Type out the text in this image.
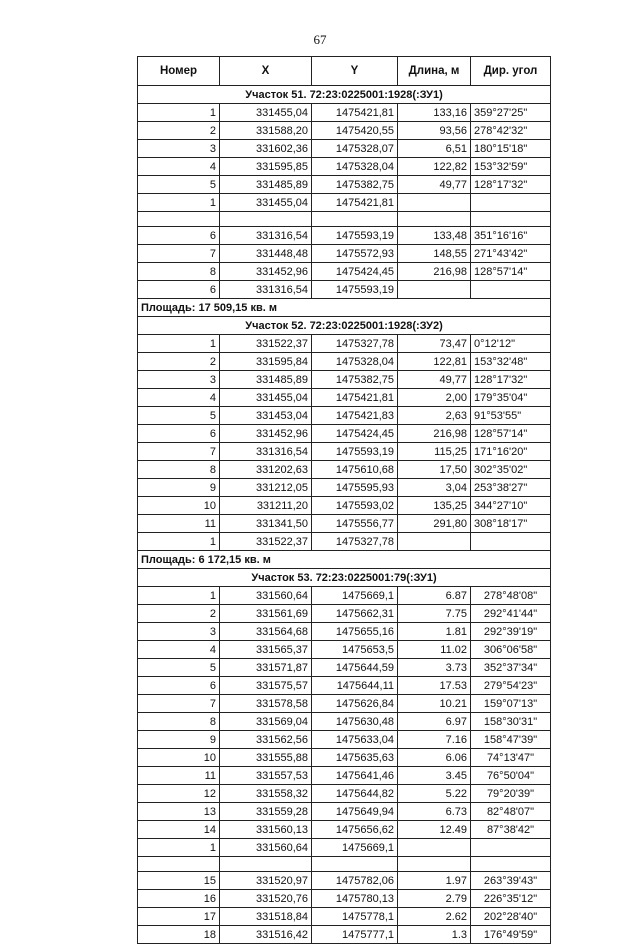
67
Номер	X	Y	Длина, м	Дир. угол
Участок 51. 72:23:0225001:1928(:ЗУ1)				
1	331455,04	1475421,81	133,16	359°27'25"
2	331588,20	1475420,55	93,56	278°42'32"
3	331602,36	1475328,07	6,51	180°15'18"
4	331595,85	1475328,04	122,82	153°32'59"
5	331485,89	1475382,75	49,77	128°17'32"
1	331455,04	1475421,81		

6	331316,54	1475593,19	133,48	351°16'16"
7	331448,48	1475572,93	148,55	271°43'42"
8	331452,96	1475424,45	216,98	128°57'14"
6	331316,54	1475593,19		
Площадь: 17 509,15 кв. м				
Участок 52. 72:23:0225001:1928(:ЗУ2)				
1	331522,37	1475327,78	73,47	0°12'12"
2	331595,84	1475328,04	122,81	153°32'48"
3	331485,89	1475382,75	49,77	128°17'32"
4	331455,04	1475421,81	2,00	179°35'04"
5	331453,04	1475421,83	2,63	91°53'55"
6	331452,96	1475424,45	216,98	128°57'14"
7	331316,54	1475593,19	115,25	171°16'20"
8	331202,63	1475610,68	17,50	302°35'02"
9	331212,05	1475595,93	3,04	253°38'27"
10	331211,20	1475593,02	135,25	344°27'10"
11	331341,50	1475556,77	291,80	308°18'17"
1	331522,37	1475327,78		
Площадь: 6 172,15 кв. м				
Участок 53. 72:23:0225001:79(:ЗУ1)				
1	331560,64	1475669,1	6.87	278°48'08"
2	331561,69	1475662,31	7.75	292°41'44"
3	331564,68	1475655,16	1.81	292°39'19"
4	331565,37	1475653,5	11.02	306°06'58"
5	331571,87	1475644,59	3.73	352°37'34"
6	331575,57	1475644,11	17.53	279°54'23"
7	331578,58	1475626,84	10.21	159°07'13"
8	331569,04	1475630,48	6.97	158°30'31"
9	331562,56	1475633,04	7.16	158°47'39"
10	331555,88	1475635,63	6.06	74°13'47"
11	331557,53	1475641,46	3.45	76°50'04"
12	331558,32	1475644,82	5.22	79°20'39"
13	331559,28	1475649,94	6.73	82°48'07"
14	331560,13	1475656,62	12.49	87°38'42"
1	331560,64	1475669,1		

15	331520,97	1475782,06	1.97	263°39'43"
16	331520,76	1475780,13	2.79	226°35'12"
17	331518,84	1475778,1	2.62	202°28'40"
18	331516,42	1475777,1	1.3	176°49'59"
